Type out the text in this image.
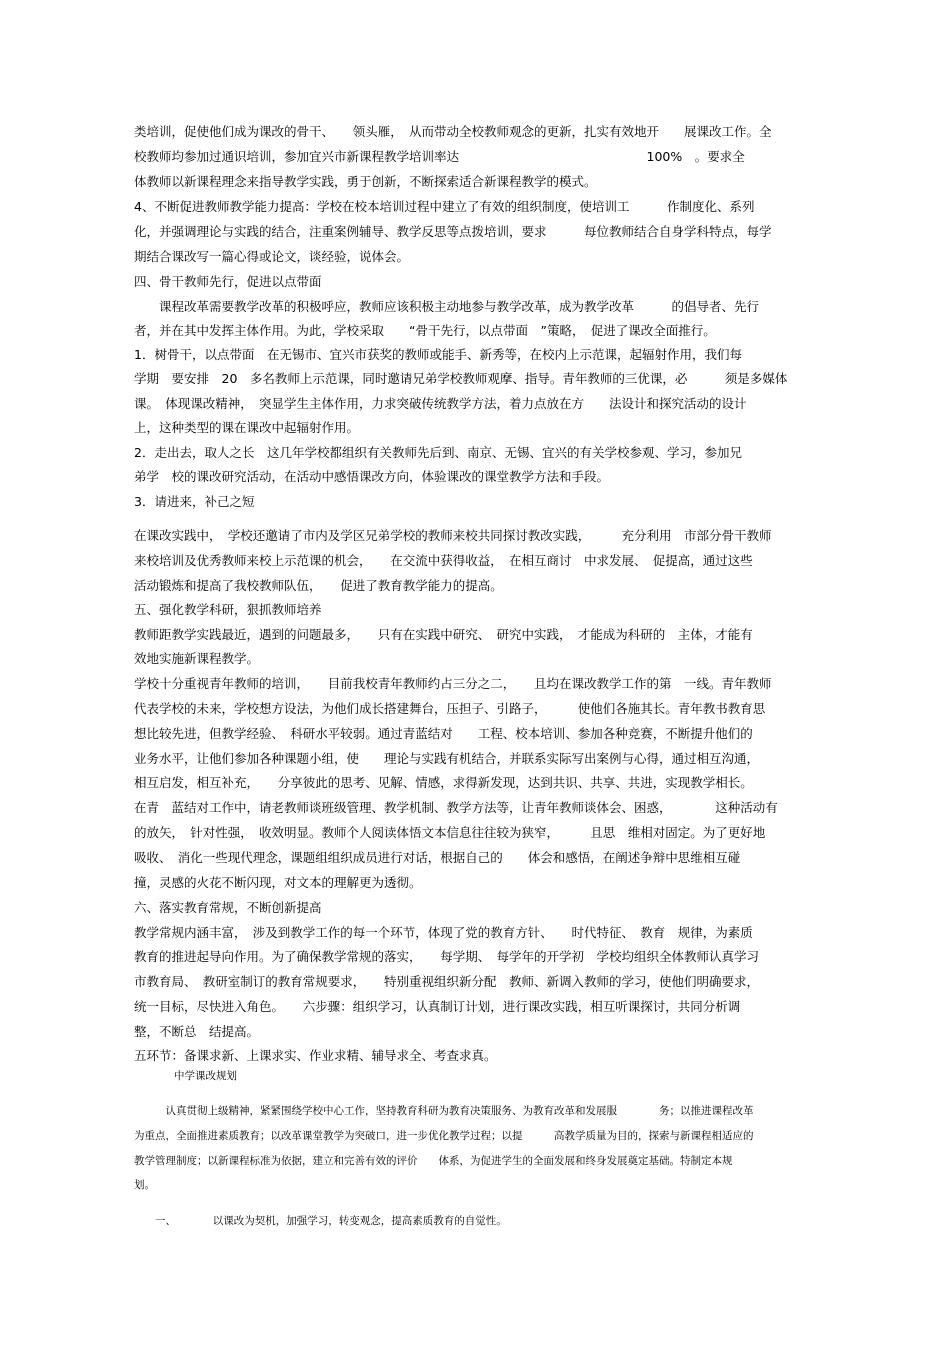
类培训，促使他们成为课改的骨干、　　领头雁，　从而带动全校教师观念的更新，扎实有效地开　　展课改工作。全
校教师均参加过通识培训，参加宜兴市新课程教学培训率达　　　　　　　　　　　　　　　100%　。要求全
体教师以新课程理念来指导教学实践，勇于创新，不断探索适合新课程教学的模式。
4、不断促进教师教学能力提高：学校在校本培训过程中建立了有效的组织制度，使培训工　　　作制度化、系列
化，并强调理论与实践的结合，注重案例辅导、教学反思等点拨培训，要求　　　每位教师结合自身学科特点，每学
期结合课改写一篇心得或论文，谈经验，说体会。
四、骨干教师先行，促进以点带面
　　课程改革需要教学改革的积极呼应，教师应该积极主动地参与教学改革，成为教学改革　　　的倡导者、先行
者，并在其中发挥主体作用。为此，学校采取　　“骨干先行，以点带面　”策略，　促进了课改全面推行。
1．树骨干，以点带面　在无锡市、宜兴市获奖的教师或能手、新秀等，在校内上示范课，起辐射作用，我们每
学期　要安排　20　多名教师上示范课，同时邀请兄弟学校教师观摩、指导。青年教师的三优课，必　　　须是多媒体
课。　体现课改精神，　突显学生主体作用，力求突破传统教学方法，着力点放在方　　法设计和探究活动的设计
上，这种类型的课在课改中起辐射作用。
2．走出去，取人之长　这几年学校都组织有关教师先后到、南京、无锡、宜兴的有关学校参观、学习，参加兄
弟学　校的课改研究活动，在活动中感悟课改方向，体验课改的课堂教学方法和手段。
3．请进来，补己之短
在课改实践中，　学校还邀请了市内及学区兄弟学校的教师来校共同探讨教改实践，　　　充分利用　市部分骨干教师
来校培训及优秀教师来校上示范课的机会，　　在交流中获得收益，　在相互商讨　中求发展、　促提高，通过这些
活动锻炼和提高了我校教师队伍，　　促进了教育教学能力的提高。
五、强化教学科研，狠抓教师培养
教师距教学实践最近，遇到的问题最多，　　只有在实践中研究、　研究中实践，　才能成为科研的　主体，才能有
效地实施新课程教学。
学校十分重视青年教师的培训，　　目前我校青年教师约占三分之二，　　且均在课改教学工作的第　一线。青年教师
代表学校的未来，学校想方设法，为他们成长搭建舞台，压担子、引路子，　　　使他们各施其长。青年教书教育思
想比较先进，但教学经验、　科研水平较弱。通过青蓝结对　　工程、校本培训、参加各种竞赛，不断提升他们的
业务水平，让他们参加各种课题小组，使　　理论与实践有机结合，并联系实际写出案例与心得，通过相互沟通，
相互启发，相互补充，　　分享彼此的思考、见解、情感，求得新发现，达到共识、共享、共进，实现教学相长。
在青　蓝结对工作中，请老教师谈班级管理、教学机制、教学方法等，让青年教师谈体会、困惑，　　　　这种活动有
的放矢，　针对性强，　收效明显。教师个人阅读体悟文本信息往往较为狭窄，　　　且思　维相对固定。为了更好地
吸收、　消化一些现代理念，课题组组织成员进行对话，根据自己的　　体会和感悟，在阐述争辩中思维相互碰
撞，灵感的火花不断闪现，对文本的理解更为透彻。
六、落实教育常规，不断创新提高
教学常规内涵丰富，　涉及到教学工作的每一个环节，体现了党的教育方针、　　时代特征、　教育　规律，为素质
教育的推进起导向作用。为了确保教学常规的落实，　　每学期、　每学年的开学初　学校均组织全体教师认真学习
市教育局、　教研室制订的教育常规要求，　　特别重视组织新分配　教师、新调入教师的学习，使他们明确要求，
统一目标，尽快进入角色。　　六步骤：组织学习，认真制订计划，进行课改实践，相互听课探讨，共同分析调
整，不断总　结提高。
五环节：备课求新、上课求实、作业求精、辅导求全、考查求真。
中学课改规划
　　　认真贯彻上级精神，紧紧围绕学校中心工作，坚持教育科研为教育决策服务、为教育改革和发展服　　　　务；以推进课程改革
为重点，全面推进素质教育；以改革课堂教学为突破口，进一步优化教学过程；以提　　　高教学质量为目的，探索与新课程相适应的
教学管理制度；以新课程标准为依据，建立和完善有效的评价　　体系，为促进学生的全面发展和终身发展奠定基础。特制定本规
划。
　　一、　　　　以课改为契机，加强学习，转变观念，提高素质教育的自觉性。
